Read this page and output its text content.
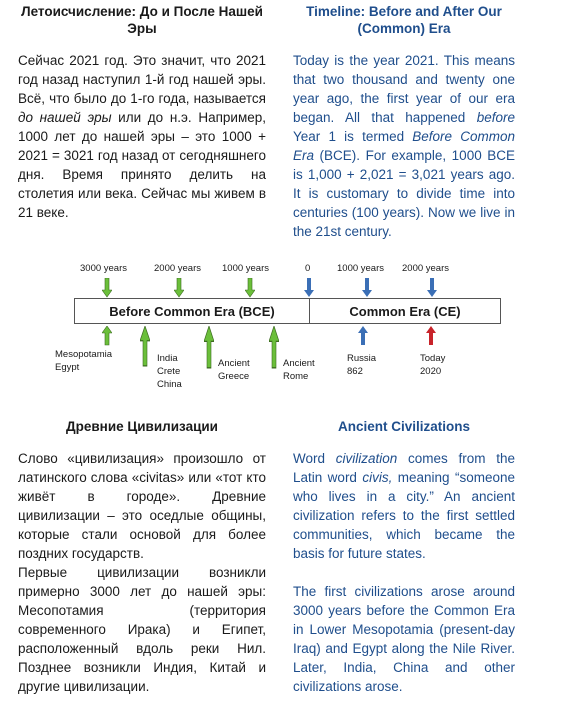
Летоисчисление: До и После Нашей Эры

Сейчас 2021 год. Это значит, что 2021 год назад наступил 1-й год нашей эры. Всё, что было до 1-го года, называется до нашей эры или до н.э. Например, 1000 лет до нашей эры – это 1000 + 2021 = 3021 год назад от сегодняшнего дня. Время принято делить на столетия или века. Сейчас мы живем в 21 веке.

Timeline: Before and After Our (Common) Era

Today is the year 2021. This means that two thousand and twenty one year ago, the first year of our era began. All that happened before Year 1 is termed Before Common Era (BCE). For example, 1000 BCE is 1,000 + 2,021 = 3,021 years ago. It is customary to divide time into centuries (100 years). Now we live in the 21st century.

3000 years	2000 years 1000 years	0	1000 years 2000 years
Before Common Era (BCE)	Common Era (CE)
Mesopotamia
Egypt
India
Crete
China
Ancient
Greece
Ancient
Rome
Russia
862
Today
2020
Древние Цивилизации

Слово «цивилизация» произошло от латинского слова «civitas» или «тот кто живёт в городе». Древние цивилизации – это оседлые общины, которые стали основой для более поздних государств.

Первые цивилизации возникли примерно 3000 лет до нашей эры: Месопотамия (территория современного Ирака) и Египет, расположенный вдоль реки Нил. Позднее возникли Индия, Китай и другие цивилизации.

Ancient Civilizations

Word civilization comes from the Latin word civis, meaning “someone who lives in a city.” An ancient civilization refers to the first settled communities, which became the basis for future states.

The first civilizations arose around 3000 years before the Common Era in Lower Mesopotamia (present-day Iraq) and Egypt along the Nile River. Later, India, China and other civilizations arose.
